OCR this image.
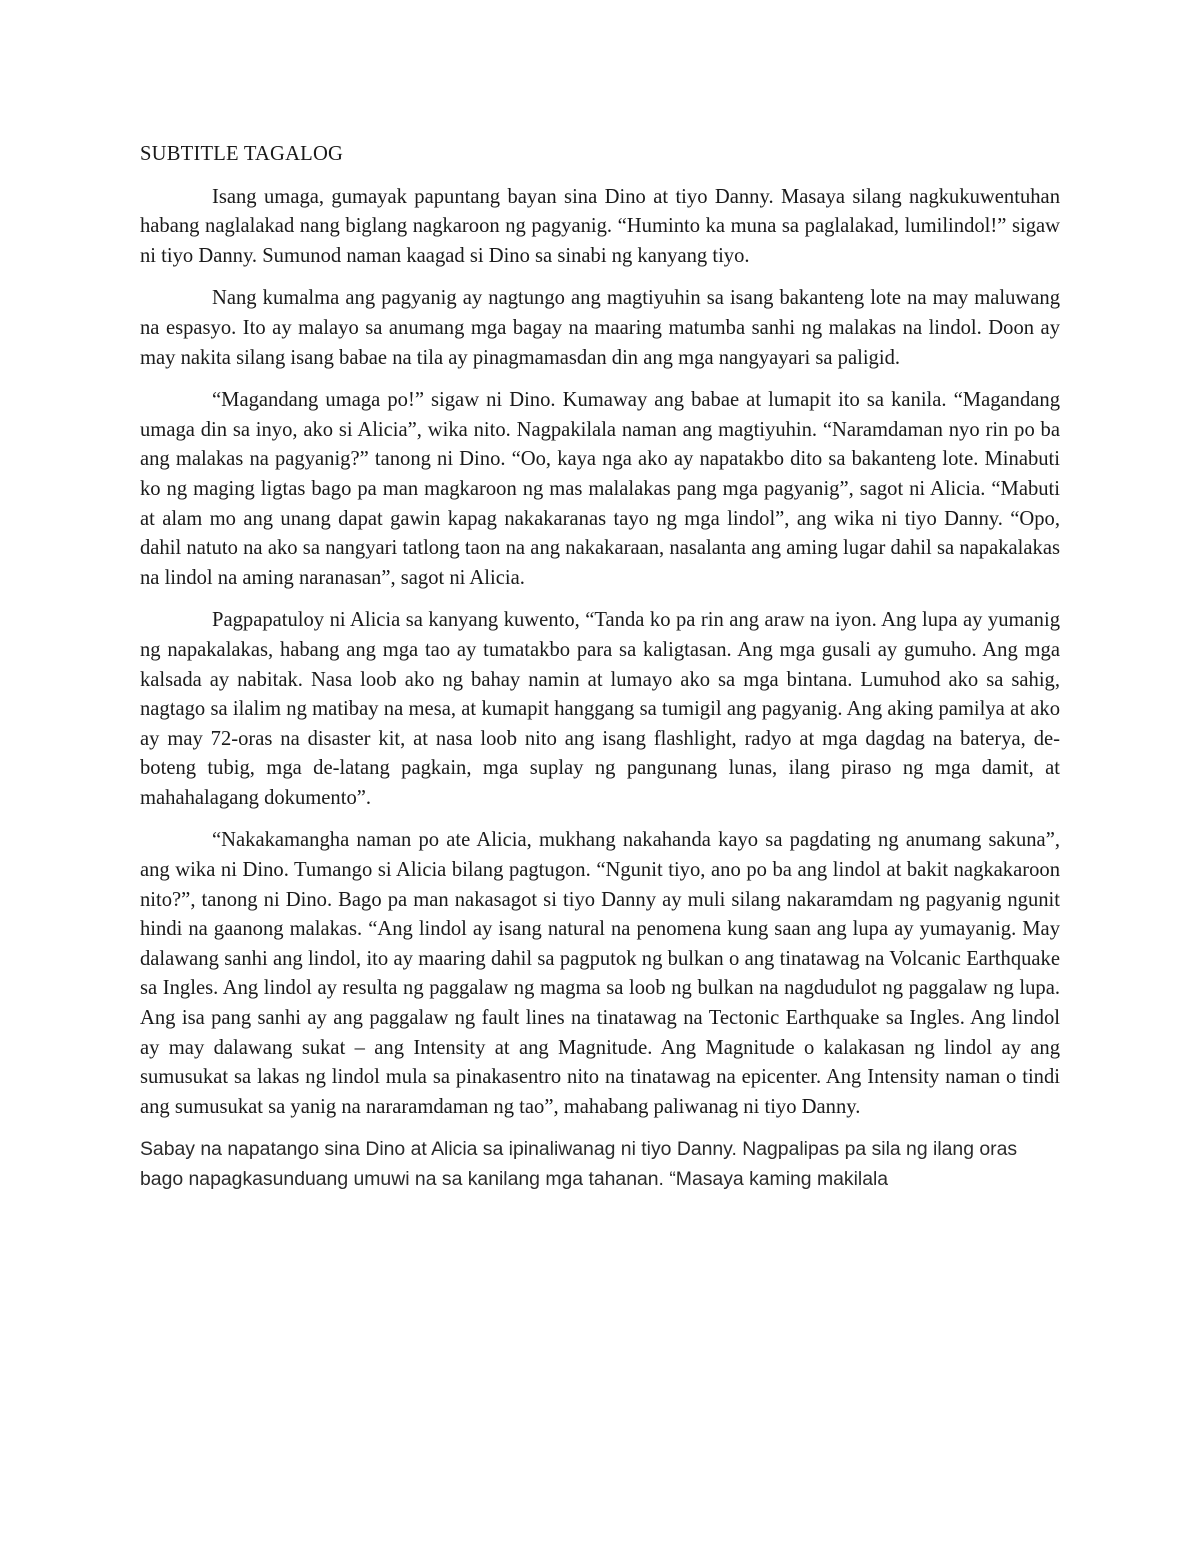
SUBTITLE TAGALOG

Isang umaga, gumayak papuntang bayan sina Dino at tiyo Danny. Masaya silang nagkukuwentuhan habang naglalakad nang biglang nagkaroon ng pagyanig. “Huminto ka muna sa paglalakad, lumilindol!” sigaw ni tiyo Danny. Sumunod naman kaagad si Dino sa sinabi ng kanyang tiyo.

Nang kumalma ang pagyanig ay nagtungo ang magtiyuhin sa isang bakanteng lote na may maluwang na espasyo. Ito ay malayo sa anumang mga bagay na maaring matumba sanhi ng malakas na lindol. Doon ay may nakita silang isang babae na tila ay pinagmamasdan din ang mga nangyayari sa paligid.

“Magandang umaga po!” sigaw ni Dino. Kumaway ang babae at lumapit ito sa kanila. “Magandang umaga din sa inyo, ako si Alicia”, wika nito. Nagpakilala naman ang magtiyuhin. “Naramdaman nyo rin po ba ang malakas na pagyanig?” tanong ni Dino. “Oo, kaya nga ako ay napatakbo dito sa bakanteng lote. Minabuti ko ng maging ligtas bago pa man magkaroon ng mas malalakas pang mga pagyanig”, sagot ni Alicia. “Mabuti at alam mo ang unang dapat gawin kapag nakakaranas tayo ng mga lindol”, ang wika ni tiyo Danny. “Opo, dahil natuto na ako sa nangyari tatlong taon na ang nakakaraan, nasalanta ang aming lugar dahil sa napakalakas na lindol na aming naranasan”, sagot ni Alicia.

Pagpapatuloy ni Alicia sa kanyang kuwento, “Tanda ko pa rin ang araw na iyon. Ang lupa ay yumanig ng napakalakas, habang ang mga tao ay tumatakbo para sa kaligtasan. Ang mga gusali ay gumuho. Ang mga kalsada ay nabitak. Nasa loob ako ng bahay namin at lumayo ako sa mga bintana. Lumuhod ako sa sahig, nagtago sa ilalim ng matibay na mesa, at kumapit hanggang sa tumigil ang pagyanig. Ang aking pamilya at ako ay may 72-oras na disaster kit, at nasa loob nito ang isang flashlight, radyo at mga dagdag na baterya, de-boteng tubig, mga de-latang pagkain, mga suplay ng pangunang lunas, ilang piraso ng mga damit, at mahahalagang dokumento”.

“Nakakamangha naman po ate Alicia, mukhang nakahanda kayo sa pagdating ng anumang sakuna”, ang wika ni Dino. Tumango si Alicia bilang pagtugon. “Ngunit tiyo, ano po ba ang lindol at bakit nagkakaroon nito?”, tanong ni Dino. Bago pa man nakasagot si tiyo Danny ay muli silang nakaramdam ng pagyanig ngunit hindi na gaanong malakas. “Ang lindol ay isang natural na penomena kung saan ang lupa ay yumayanig. May dalawang sanhi ang lindol, ito ay maaring dahil sa pagputok ng bulkan o ang tinatawag na Volcanic Earthquake sa Ingles. Ang lindol ay resulta ng paggalaw ng magma sa loob ng bulkan na nagdudulot ng paggalaw ng lupa. Ang isa pang sanhi ay ang paggalaw ng fault lines na tinatawag na Tectonic Earthquake sa Ingles. Ang lindol ay may dalawang sukat – ang Intensity at ang Magnitude. Ang Magnitude o kalakasan ng lindol ay ang sumusukat sa lakas ng lindol mula sa pinakasentro nito na tinatawag na epicenter. Ang Intensity naman o tindi ang sumusukat sa yanig na nararamdaman ng tao”, mahabang paliwanag ni tiyo Danny.

Sabay na napatango sina Dino at Alicia sa ipinaliwanag ni tiyo Danny. Nagpalipas pa sila ng ilang oras bago napagkasunduang umuwi na sa kanilang mga tahanan. “Masaya kaming makilala
